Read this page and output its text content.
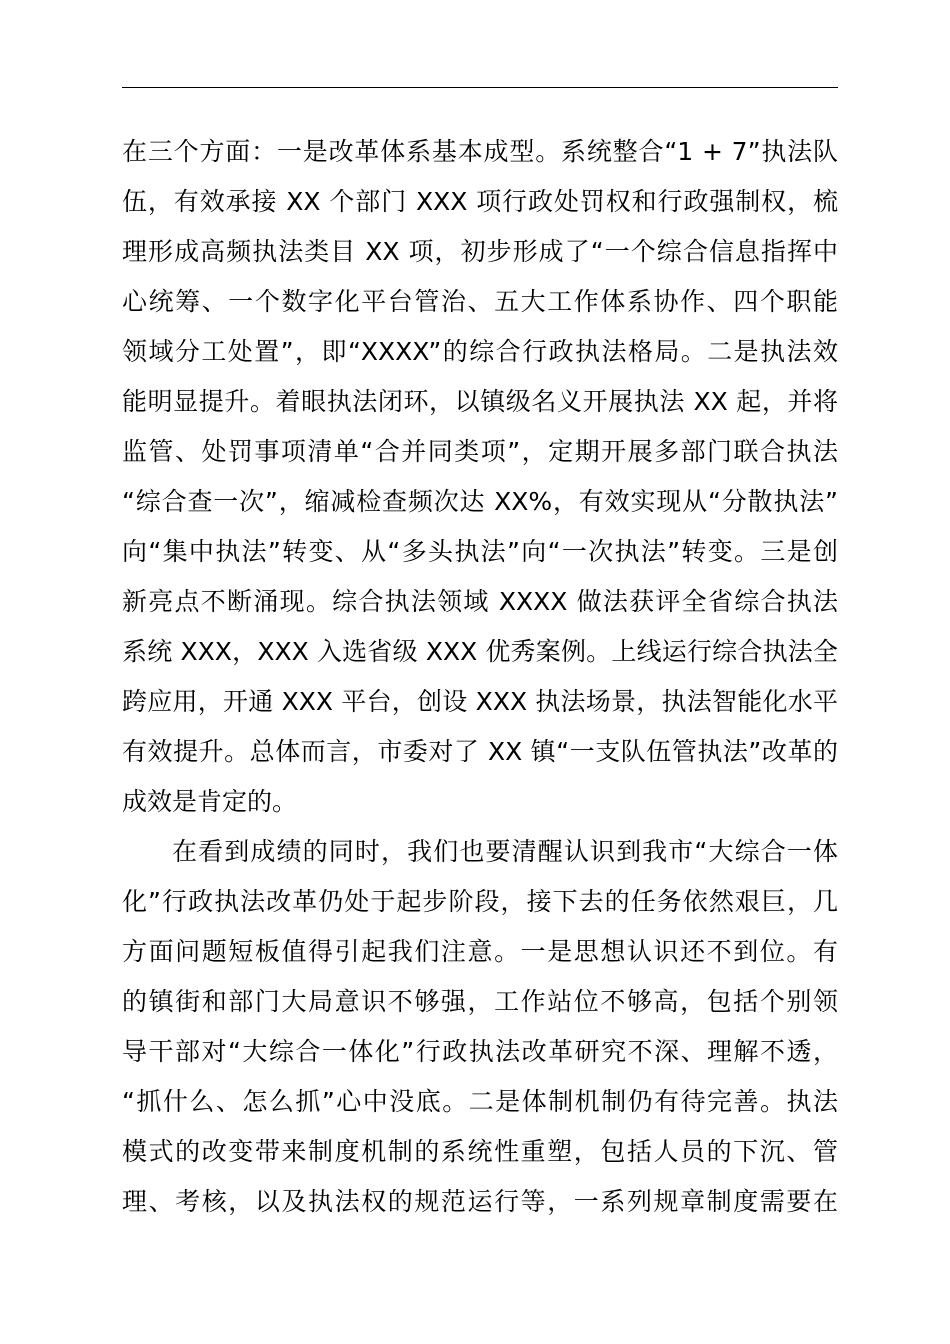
在三个方面：一是改革体系基本成型。系统整合“1 + 7”执法队
伍，有效承接 XX 个部门 XXX 项行政处罚权和行政强制权，梳
理形成高频执法类目 XX 项，初步形成了“一个综合信息指挥中
心统筹、一个数字化平台管治、五大工作体系协作、四个职能
领域分工处置”，即“XXXX”的综合行政执法格局。二是执法效
能明显提升。着眼执法闭环，以镇级名义开展执法 XX 起，并将
监管、处罚事项清单“合并同类项”，定期开展多部门联合执法
“综合查一次”，缩减检查频次达 XX%，有效实现从“分散执法”
向“集中执法”转变、从“多头执法”向“一次执法”转变。三是创
新亮点不断涌现。综合执法领域 XXXX 做法获评全省综合执法
系统 XXX，XXX 入选省级 XXX 优秀案例。上线运行综合执法全
跨应用，开通 XXX 平台，创设 XXX 执法场景，执法智能化水平
有效提升。总体而言，市委对了 XX 镇“一支队伍管执法”改革的
成效是肯定的。
在看到成绩的同时，我们也要清醒认识到我市“大综合一体
化”行政执法改革仍处于起步阶段，接下去的任务依然艰巨，几
方面问题短板值得引起我们注意。一是思想认识还不到位。有
的镇街和部门大局意识不够强，工作站位不够高，包括个别领
导干部对“大综合一体化”行政执法改革研究不深、理解不透，
“抓什么、怎么抓”心中没底。二是体制机制仍有待完善。执法
模式的改变带来制度机制的系统性重塑，包括人员的下沉、管
理、考核，以及执法权的规范运行等，一系列规章制度需要在
